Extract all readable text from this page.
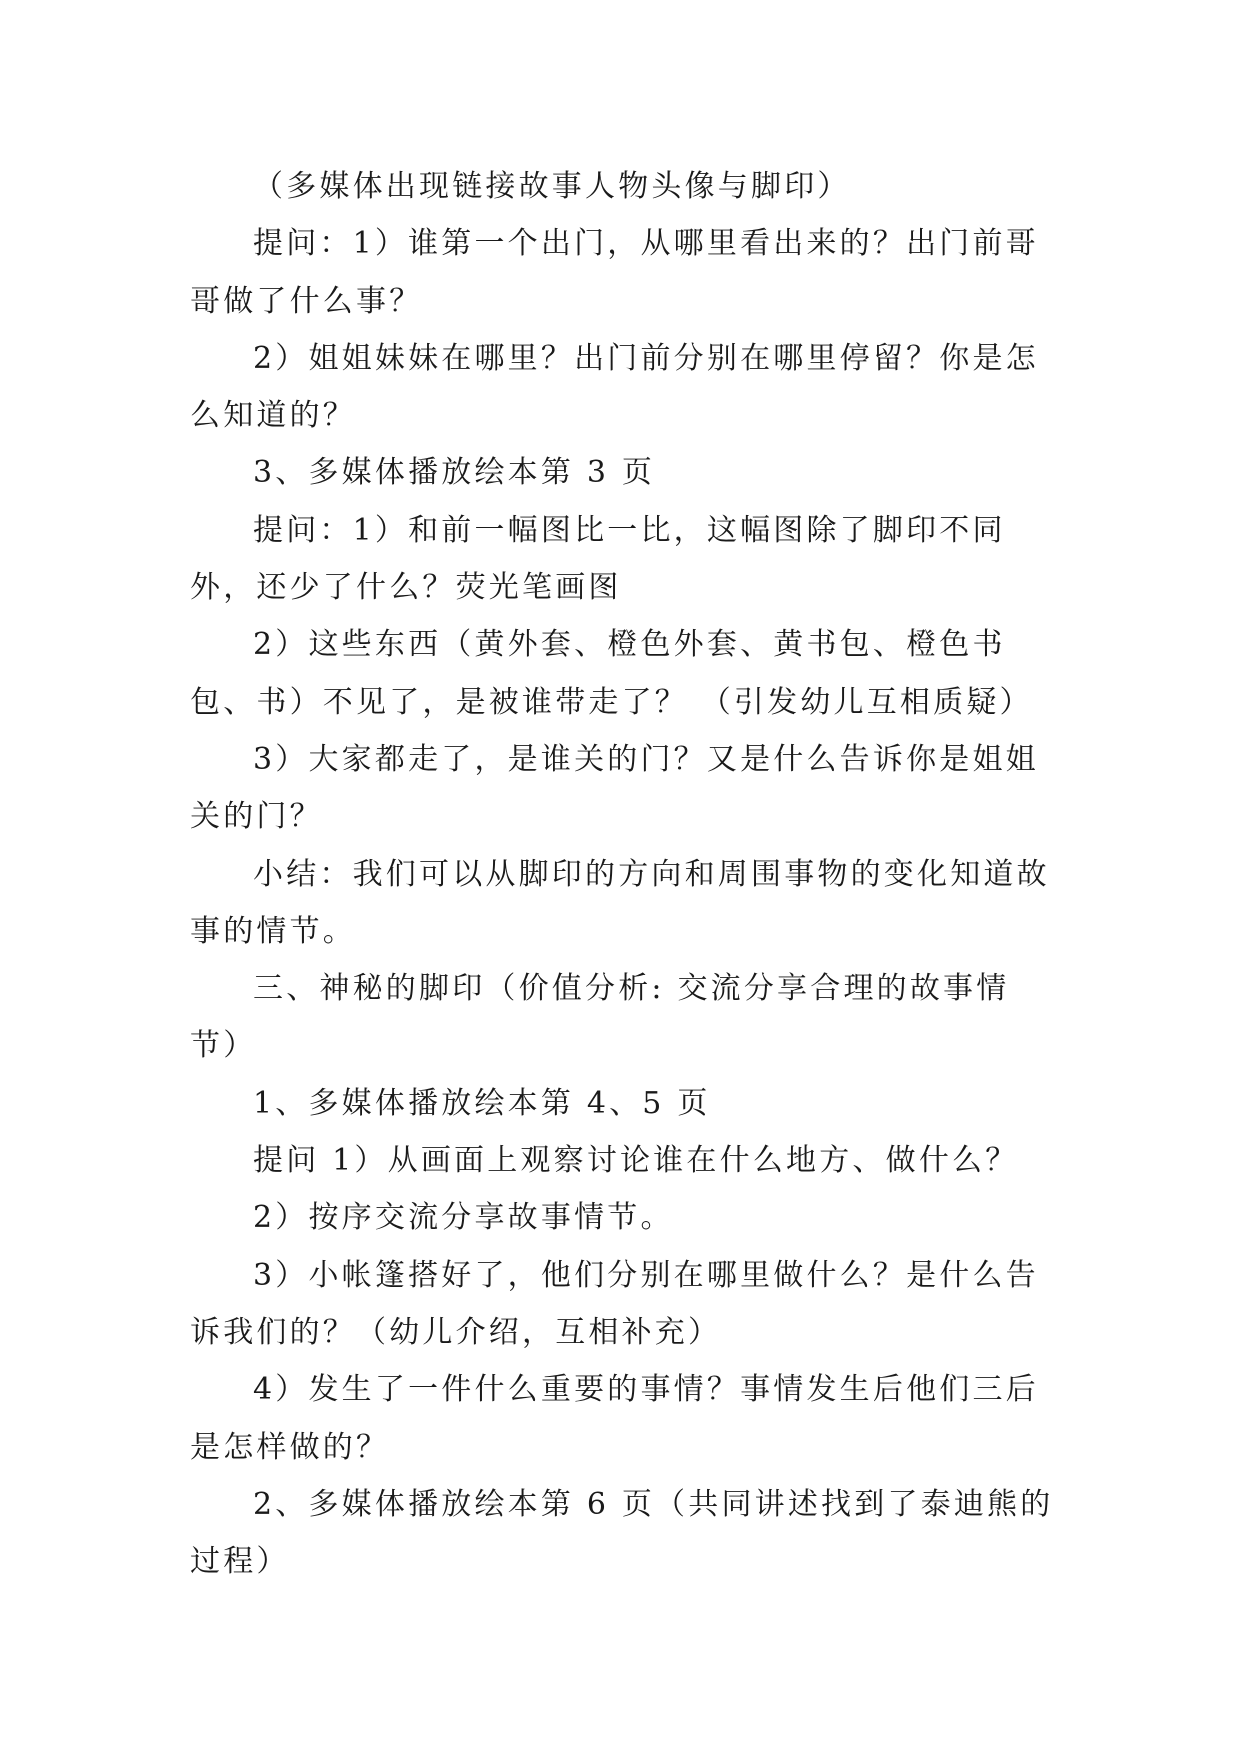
（多媒体出现链接故事人物头像与脚印）

提问：1）谁第一个出门，从哪里看出来的？出门前哥哥做了什么事？

2）姐姐妹妹在哪里？出门前分别在哪里停留？你是怎么知道的？

3、多媒体播放绘本第 3 页

提问：1）和前一幅图比一比，这幅图除了脚印不同外，还少了什么？荧光笔画图

2）这些东西（黄外套、橙色外套、黄书包、橙色书包、书）不见了，是被谁带走了？ （引发幼儿互相质疑）

3）大家都走了，是谁关的门？又是什么告诉你是姐姐关的门？

小结：我们可以从脚印的方向和周围事物的变化知道故事的情节。

三、神秘的脚印（价值分析: 交流分享合理的故事情节）

1、多媒体播放绘本第 4、5 页

提问 1）从画面上观察讨论谁在什么地方、做什么？

2）按序交流分享故事情节。

3）小帐篷搭好了，他们分别在哪里做什么？是什么告诉我们的？（幼儿介绍，互相补充）

4）发生了一件什么重要的事情？事情发生后他们三后是怎样做的？

2、多媒体播放绘本第 6 页（共同讲述找到了泰迪熊的过程）
